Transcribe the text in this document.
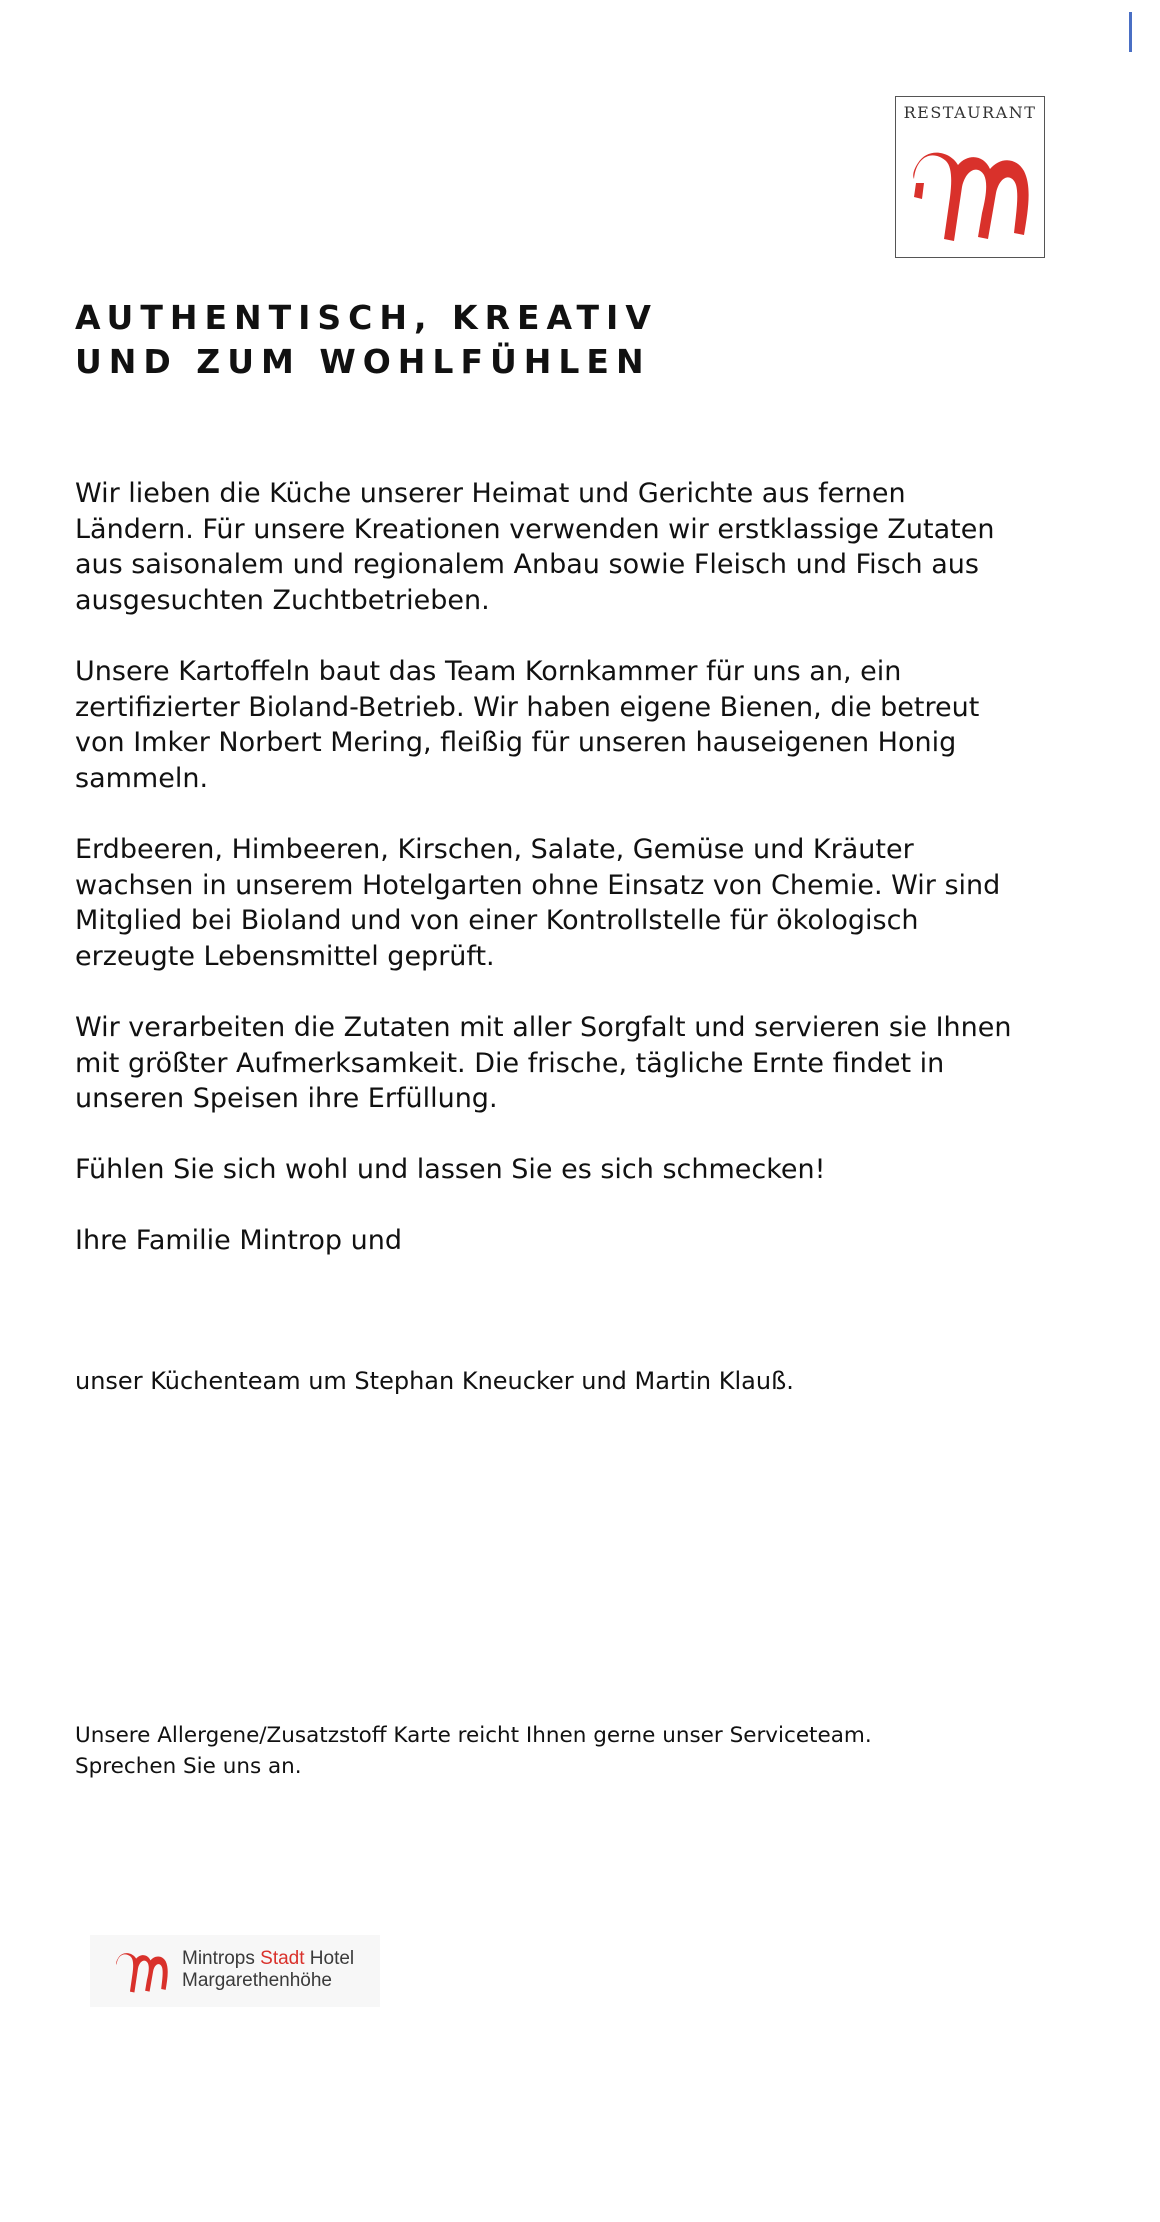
RESTAURANT
AUTHENTISCH, KREATIV
UND ZUM WOHLFÜHLEN

Wir lieben die Küche unserer Heimat und Gerichte aus fernen
Ländern. Für unsere Kreationen verwenden wir erstklassige Zutaten
aus saisonalem und regionalem Anbau sowie Fleisch und Fisch aus
ausgesuchten Zuchtbetrieben.

Unsere Kartoffeln baut das Team Kornkammer für uns an, ein
zertifizierter Bioland-Betrieb. Wir haben eigene Bienen, die betreut
von Imker Norbert Mering, fleißig für unseren hauseigenen Honig
sammeln.

Erdbeeren, Himbeeren, Kirschen, Salate, Gemüse und Kräuter
wachsen in unserem Hotelgarten ohne Einsatz von Chemie. Wir sind
Mitglied bei Bioland und von einer Kontrollstelle für ökologisch
erzeugte Lebensmittel geprüft.

Wir verarbeiten die Zutaten mit aller Sorgfalt und servieren sie Ihnen
mit größter Aufmerksamkeit. Die frische, tägliche Ernte findet in
unseren Speisen ihre Erfüllung.

Fühlen Sie sich wohl und lassen Sie es sich schmecken!

Ihre Familie Mintrop und

unser Küchenteam um Stephan Kneucker und Martin Klauß.
Unsere Allergene/Zusatzstoff Karte reicht Ihnen gerne unser Serviceteam.
Sprechen Sie uns an.
Mintrops Stadt Hotel
Margarethenhöhe
